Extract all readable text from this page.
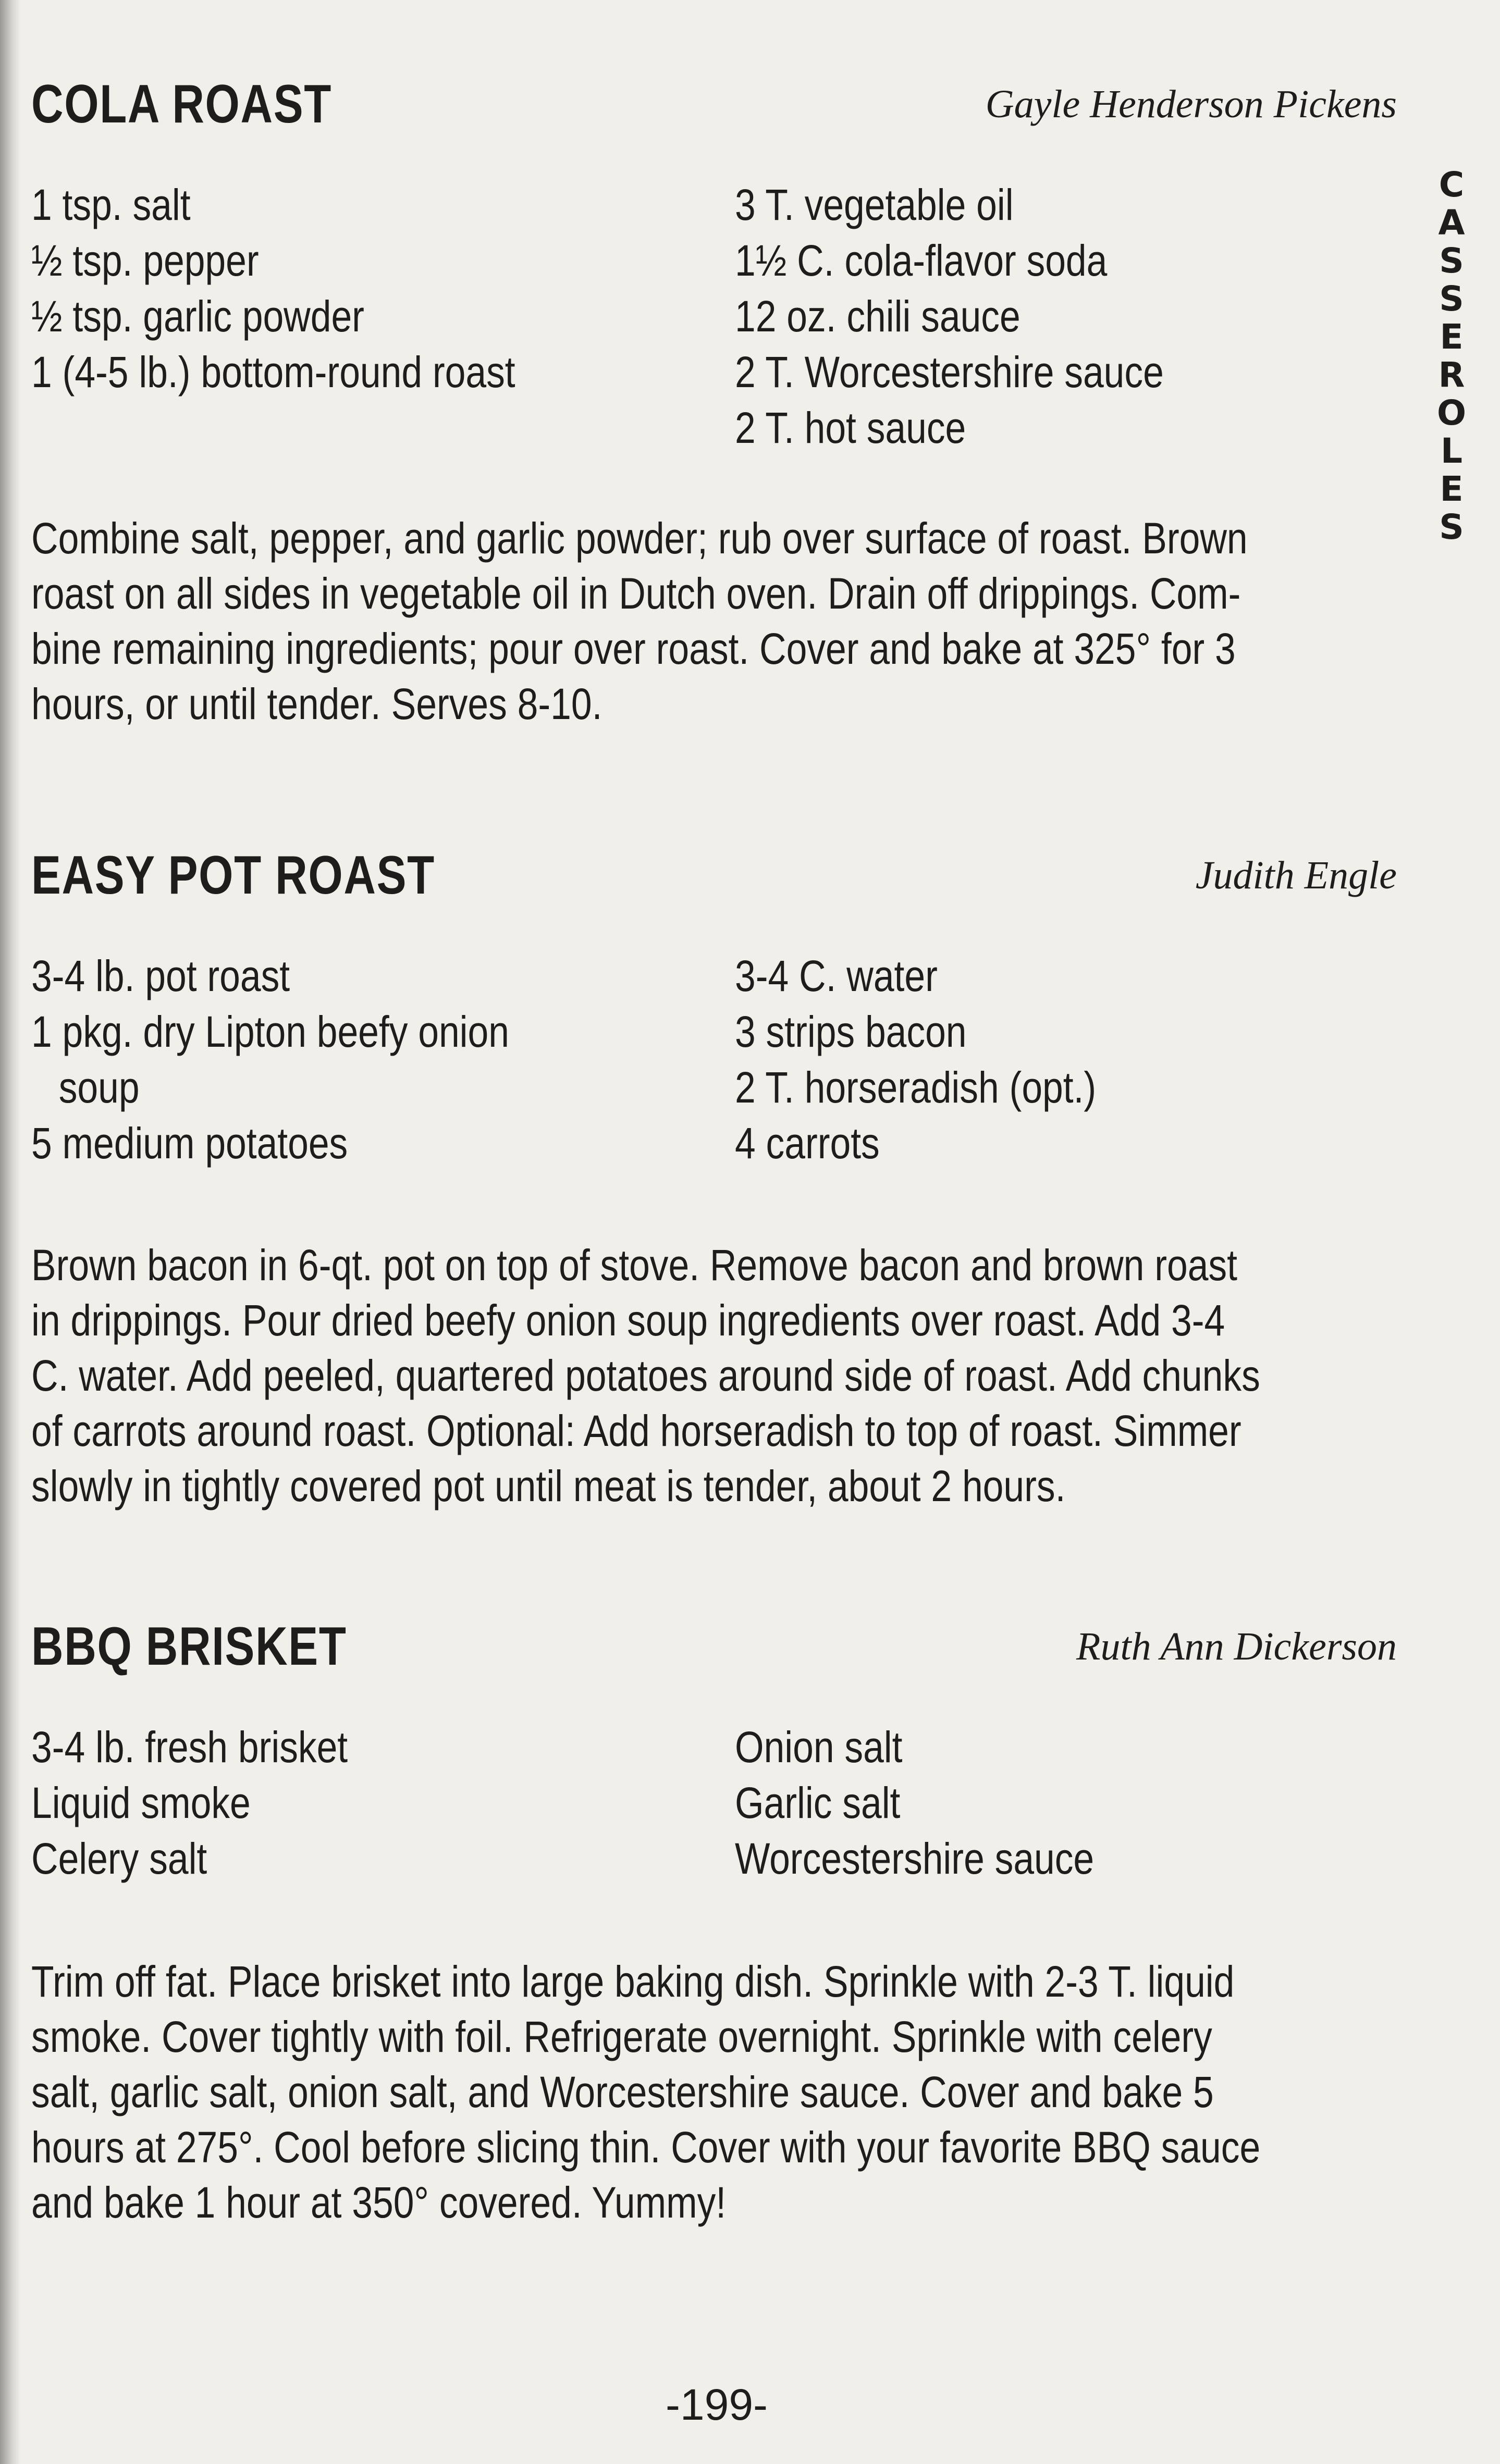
C
A
S
S
E
R
O
L
E
S
COLA ROAST	Gayle Henderson Pickens
1 tsp. salt
½ tsp. pepper
½ tsp. garlic powder
1 (4-5 lb.) bottom-round roast
3 T. vegetable oil
1½ C. cola-flavor soda
12 oz. chili sauce
2 T. Worcestershire sauce
2 T. hot sauce
Combine salt, pepper, and garlic powder; rub over surface of roast. Brown
roast on all sides in vegetable oil in Dutch oven. Drain off drippings. Com-
bine remaining ingredients; pour over roast. Cover and bake at 325° for 3
hours, or until tender. Serves 8-10.
EASY POT ROAST	Judith Engle
3-4 lb. pot roast
1 pkg. dry Lipton beefy onion
soup
5 medium potatoes
3-4 C. water
3 strips bacon
2 T. horseradish (opt.)
4 carrots
Brown bacon in 6-qt. pot on top of stove. Remove bacon and brown roast
in drippings. Pour dried beefy onion soup ingredients over roast. Add 3-4
C. water. Add peeled, quartered potatoes around side of roast. Add chunks
of carrots around roast. Optional: Add horseradish to top of roast. Simmer
slowly in tightly covered pot until meat is tender, about 2 hours.
BBQ BRISKET	Ruth Ann Dickerson
3-4 lb. fresh brisket
Liquid smoke
Celery salt
Onion salt
Garlic salt
Worcestershire sauce
Trim off fat. Place brisket into large baking dish. Sprinkle with 2-3 T. liquid
smoke. Cover tightly with foil. Refrigerate overnight. Sprinkle with celery
salt, garlic salt, onion salt, and Worcestershire sauce. Cover and bake 5
hours at 275°. Cool before slicing thin. Cover with your favorite BBQ sauce
and bake 1 hour at 350° covered. Yummy!
-199-
